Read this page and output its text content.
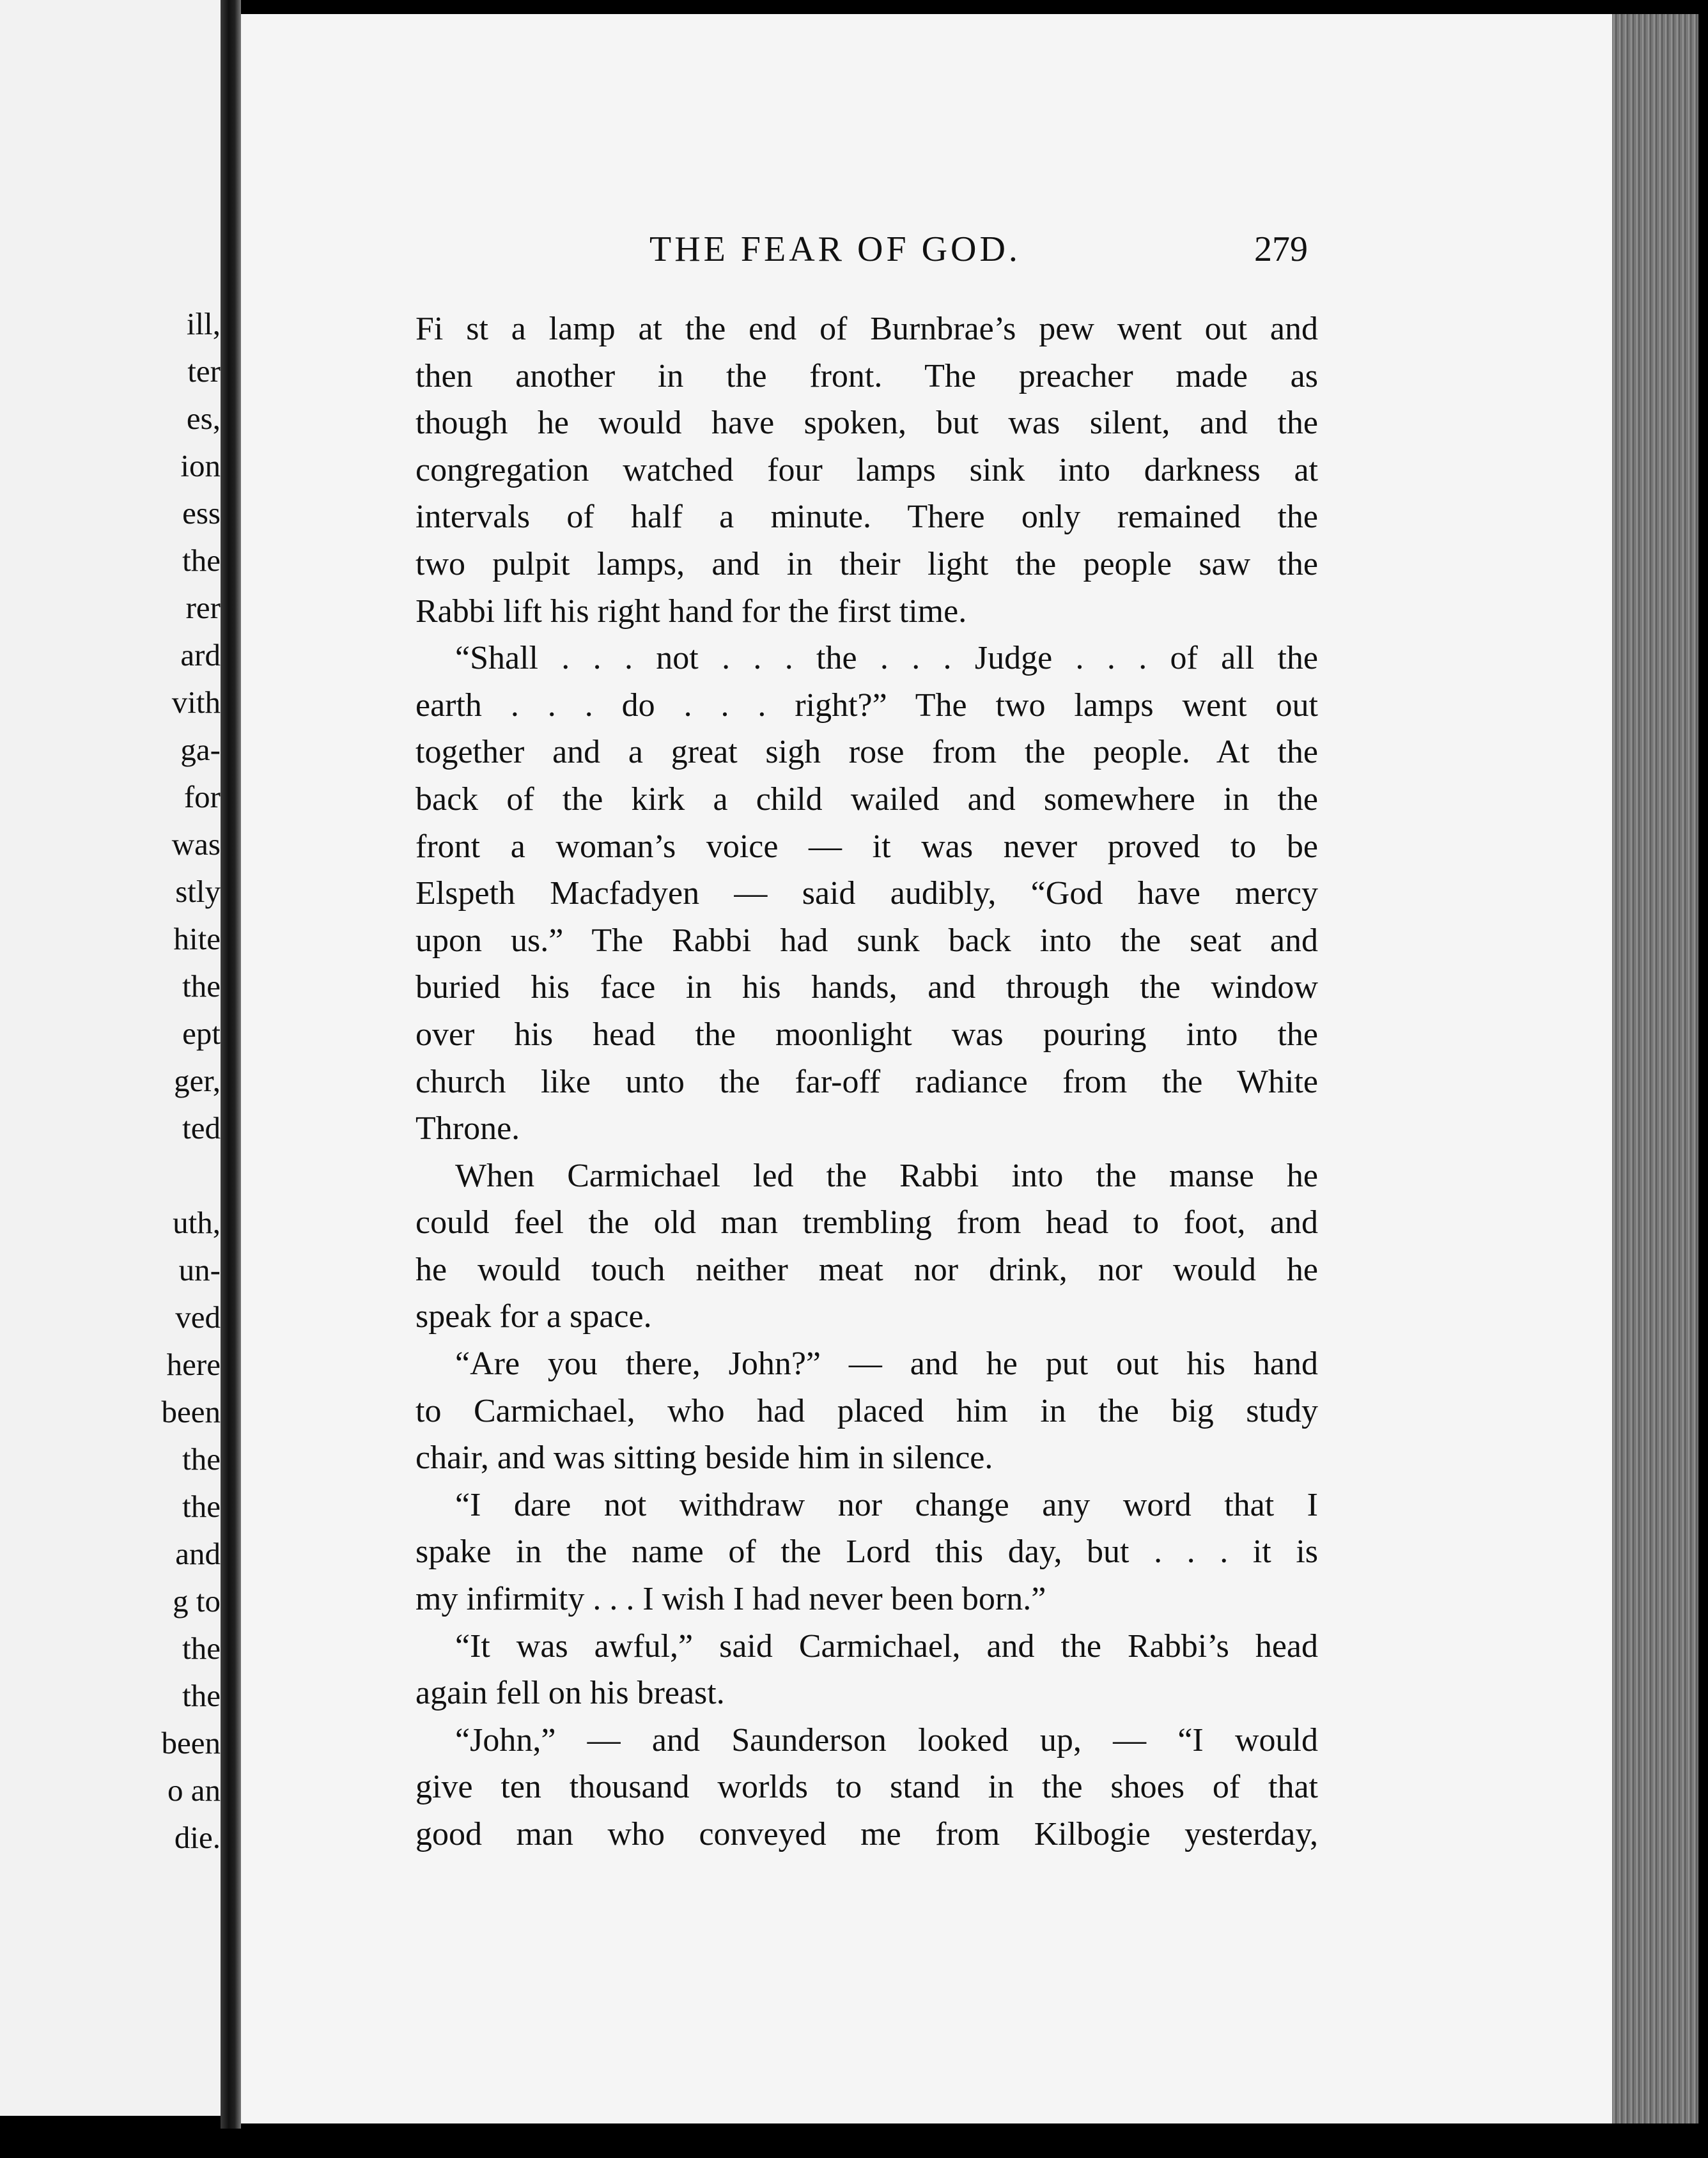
ill,
ter
es,
ion
ess
the
rer
ard
vith
ga-
for
was
stly
hite
the
ept
ger,
ted
uth,
un-
ved
here
been
the
the
and
g to
the
the
been
o an
die.
THE FEAR OF GOD.	279
Fi st a lamp at the end of Burnbrae’s pew went out and
then another in the front. The preacher made as
though he would have spoken, but was silent, and the
congregation watched four lamps sink into darkness at
intervals of half a minute. There only remained the
two pulpit lamps, and in their light the people saw the
Rabbi lift his right hand for the first time.
“Shall . . . not . . . the . . . Judge . . . of all the
earth . . . do . . . right?” The two lamps went out
together and a great sigh rose from the people. At the
back of the kirk a child wailed and somewhere in the
front a woman’s voice — it was never proved to be
Elspeth Macfadyen — said audibly, “God have mercy
upon us.” The Rabbi had sunk back into the seat and
buried his face in his hands, and through the window
over his head the moonlight was pouring into the
church like unto the far-off radiance from the White
Throne.
When Carmichael led the Rabbi into the manse he
could feel the old man trembling from head to foot, and
he would touch neither meat nor drink, nor would he
speak for a space.
“Are you there, John?” — and he put out his hand
to Carmichael, who had placed him in the big study
chair, and was sitting beside him in silence.
“I dare not withdraw nor change any word that I
spake in the name of the Lord this day, but . . . it is
my infirmity . . . I wish I had never been born.”
“It was awful,” said Carmichael, and the Rabbi’s head
again fell on his breast.
“John,” — and Saunderson looked up, — “I would
give ten thousand worlds to stand in the shoes of that
good man who conveyed me from Kilbogie yesterday,
